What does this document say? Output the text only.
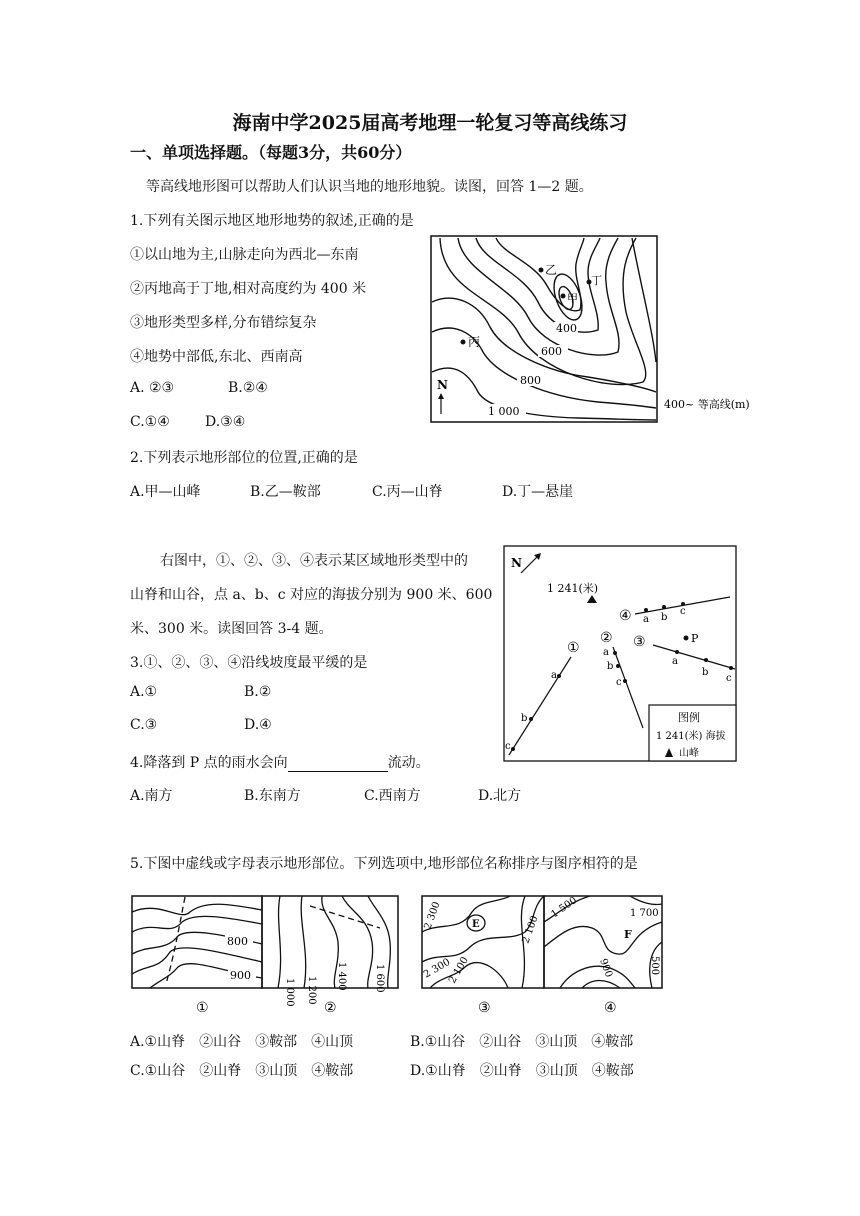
海南中学2025届高考地理一轮复习等高线练习
一、单项选择题。（每题3分，共60分）
等高线地形图可以帮助人们认识当地的地形地貌。读图，回答 1—2 题。
1.下列有关图示地区地形地势的叙述,正确的是
①以山地为主,山脉走向为西北—东南
②丙地高于丁地,相对高度约为 400 米
③地形类型多样,分布错综复杂
④地势中部低,东北、西南高
A. ②③	B.②④
C.①④	D.③④
2.下列表示地形部位的位置,正确的是
A.甲—山峰	B.乙—鞍部	C.丙—山脊	D.丁—悬崖
乙
甲
丁
丙
400
600
800
1 000
N
400~ 等高线(m)
右图中，①、②、③、④表示某区域地形类型中的
山脊和山谷，点 a、b、c 对应的海拔分别为 900 米、600
米、300 米。读图回答 3-4 题。
3.①、②、③、④沿线坡度最平缓的是
A.①	B.②
C.③	D.④
4.降落到 P 点的雨水会向	流动。
A.南方	B.东南方	C.西南方	D.北方
N
1 241(米)
①
② ③
④
c
b
a
a
b
c
a
b
c
a b
c
P
图例
1 241(米) 海拔
山峰
5.下图中虚线或字母表示地形部位。下列选项中,地形部位名称排序与图序相符的是
800
900
1 000 1 200 1 400	1 600
2 300	2 100
2 300
2 100
E
1 500	1 700
F
900	500
①	②	③	④
A.①山脊　②山谷　③鞍部　④山顶	B.①山谷　②山谷　③山顶　④鞍部
C.①山谷　②山脊　③山顶　④鞍部	D.①山脊　②山脊　③山顶　④鞍部
